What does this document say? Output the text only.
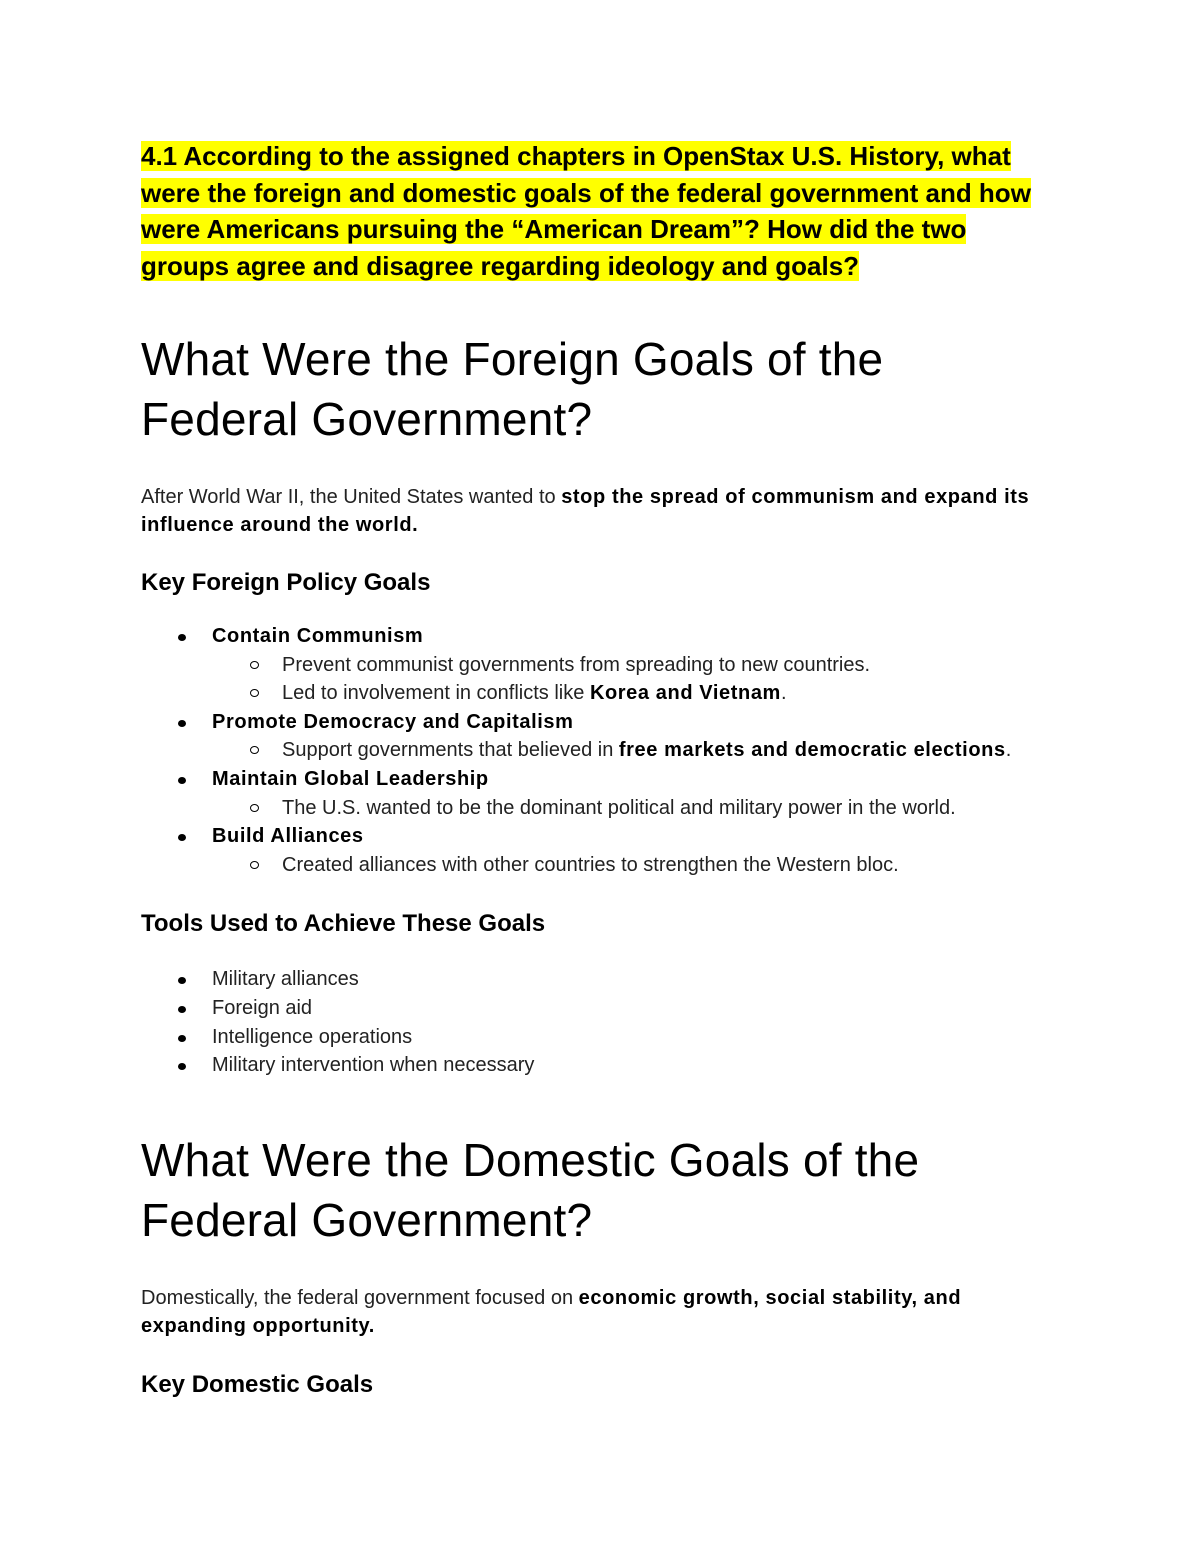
4.1 According to the assigned chapters in OpenStax U.S. History, what were the foreign and domestic goals of the federal government and how were Americans pursuing the “American Dream”? How did the two groups agree and disagree regarding ideology and goals?

What Were the Foreign Goals of the
Federal Government?

After World War II, the United States wanted to stop the spread of communism and expand its influence around the world.

Key Foreign Policy Goals
Contain Communism
Prevent communist governments from spreading to new countries.
Led to involvement in conflicts like Korea and Vietnam.
Promote Democracy and Capitalism
Support governments that believed in free markets and democratic elections.
Maintain Global Leadership
The U.S. wanted to be the dominant political and military power in the world.
Build Alliances
Created alliances with other countries to strengthen the Western bloc.
Tools Used to Achieve These Goals
Military alliances
Foreign aid
Intelligence operations
Military intervention when necessary
What Were the Domestic Goals of the
Federal Government?

Domestically, the federal government focused on economic growth, social stability, and expanding opportunity.

Key Domestic Goals
